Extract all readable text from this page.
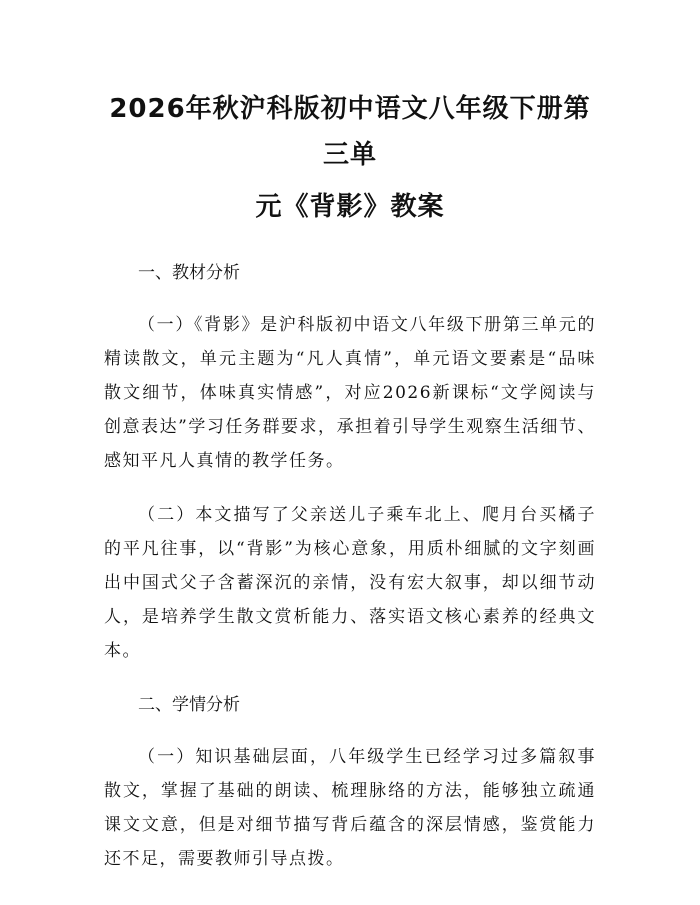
2026年秋沪科版初中语文八年级下册第三单
元《背影》教案

一、教材分析

（一）《背影》是沪科版初中语文八年级下册第三单元的精读散文，单元主题为“凡人真情”，单元语文要素是“品味散文细节，体味真实情感”，对应2026新课标“文学阅读与创意表达”学习任务群要求，承担着引导学生观察生活细节、感知平凡人真情的教学任务。

（二）本文描写了父亲送儿子乘车北上、爬月台买橘子的平凡往事，以“背影”为核心意象，用质朴细腻的文字刻画出中国式父子含蓄深沉的亲情，没有宏大叙事，却以细节动人，是培养学生散文赏析能力、落实语文核心素养的经典文本。

二、学情分析

（一）知识基础层面，八年级学生已经学习过多篇叙事散文，掌握了基础的朗读、梳理脉络的方法，能够独立疏通课文文意，但是对细节描写背后蕴含的深层情感，鉴赏能力还不足，需要教师引导点拨。
